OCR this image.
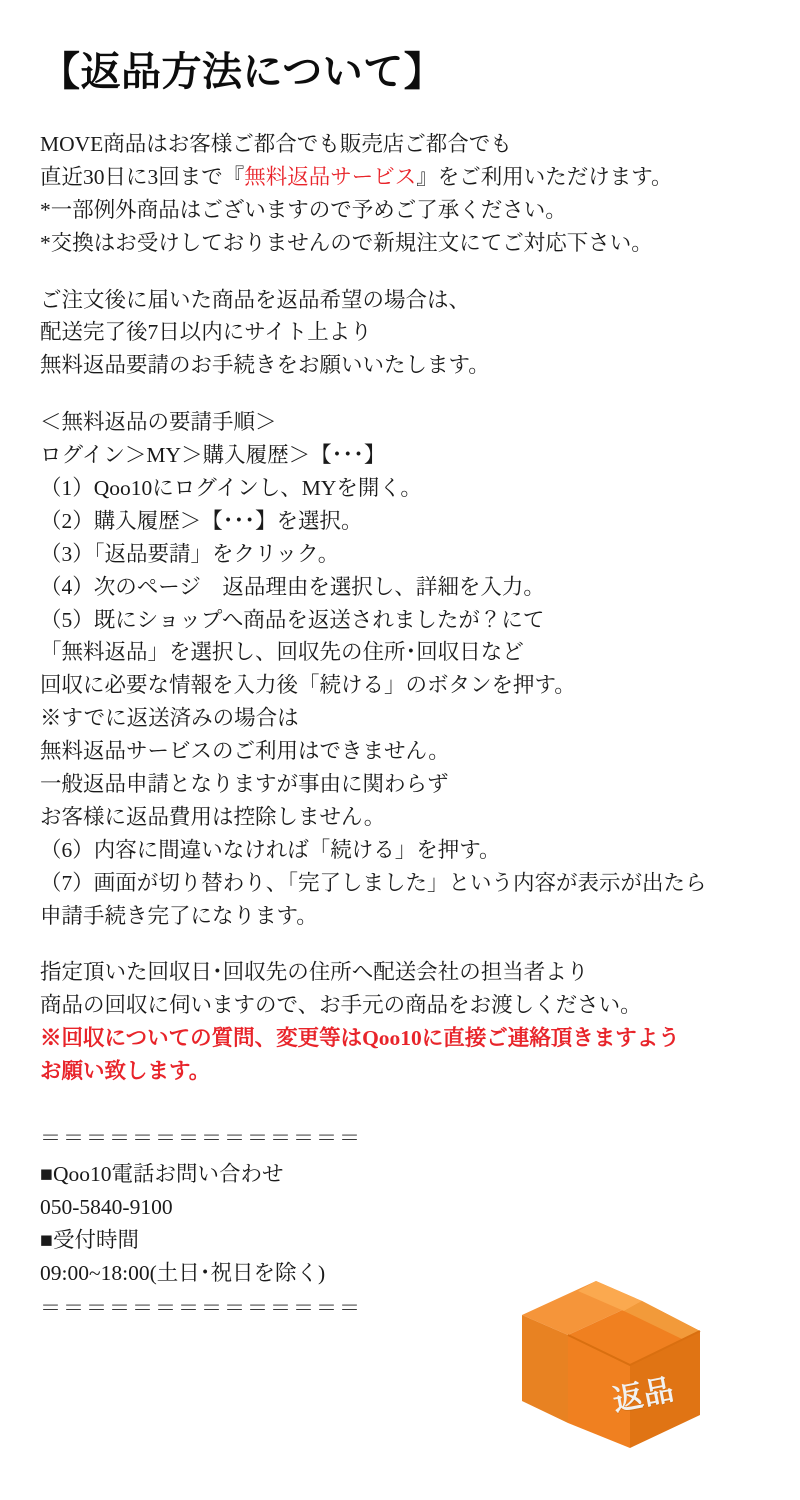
【返品方法について】
MOVE商品はお客様ご都合でも販売店ご都合でも
直近30日に3回まで『無料返品サービス』をご利用いただけます。
*一部例外商品はございますので予めご了承ください。
*交換はお受けしておりませんので新規注文にてご対応下さい。
ご注文後に届いた商品を返品希望の場合は、
配送完了後7日以内にサイト上より
無料返品要請のお手続きをお願いいたします。
＜無料返品の要請手順＞
ログイン＞MY＞購入履歴＞【･･･】
（1）Qoo10にログインし、MYを開く。
（2）購入履歴＞【･･･】を選択。
（3）「返品要請」をクリック。
（4）次のページ　返品理由を選択し、詳細を入力。
（5）既にショップへ商品を返送されましたが？にて
「無料返品」を選択し、回収先の住所･回収日など
回収に必要な情報を入力後「続ける」のボタンを押す。
※すでに返送済みの場合は
無料返品サービスのご利用はできません。
一般返品申請となりますが事由に関わらず
お客様に返品費用は控除しません。
（6）内容に間違いなければ「続ける」を押す。
（7）画面が切り替わり、「完了しました」という内容が表示が出たら
申請手続き完了になります。
指定頂いた回収日･回収先の住所へ配送会社の担当者より
商品の回収に伺いますので、お手元の商品をお渡しください。
※回収についての質問、変更等はQoo10に直接ご連絡頂きますよう
お願い致します。
＝＝＝＝＝＝＝＝＝＝＝＝＝＝
■Qoo10電話お問い合わせ
050-5840-9100
■受付時間
09:00~18:00(土日･祝日を除く)
＝＝＝＝＝＝＝＝＝＝＝＝＝＝
返品
